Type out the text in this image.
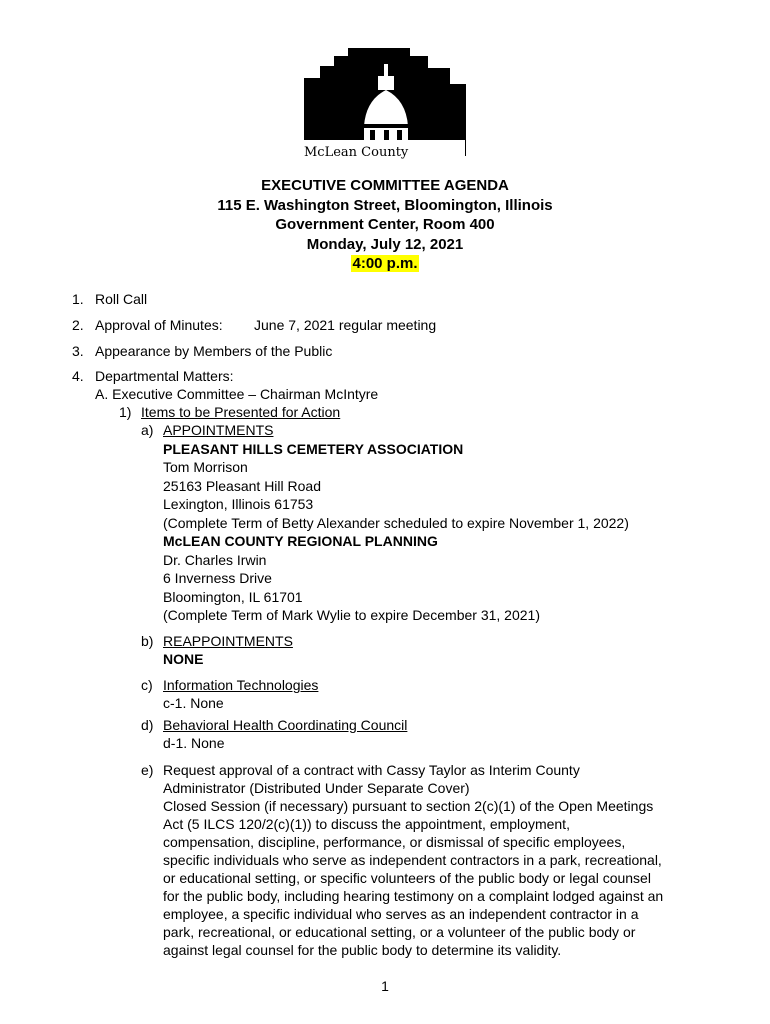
McLean County
EXECUTIVE COMMITTEE AGENDA
115 E. Washington Street, Bloomington, Illinois
Government Center, Room 400
Monday, July 12, 2021
4:00 p.m.
1. Roll Call
2. Approval of Minutes: June 7, 2021 regular meeting
3. Appearance by Members of the Public
4. Departmental Matters:
A. Executive Committee – Chairman McIntyre
1) Items to be Presented for Action
a) APPOINTMENTS
PLEASANT HILLS CEMETERY ASSOCIATION
Tom Morrison
25163 Pleasant Hill Road
Lexington, Illinois 61753
(Complete Term of Betty Alexander scheduled to expire November 1, 2022)
McLEAN COUNTY REGIONAL PLANNING
Dr. Charles Irwin
6 Inverness Drive
Bloomington, IL 61701
(Complete Term of Mark Wylie to expire December 31, 2021)
b) REAPPOINTMENTS
NONE
c) Information Technologies
c-1. None
d) Behavioral Health Coordinating Council
d-1. None
e) Request approval of a contract with Cassy Taylor as Interim County
Administrator (Distributed Under Separate Cover)
Closed Session (if necessary) pursuant to section 2(c)(1) of the Open Meetings
Act (5 ILCS 120/2(c)(1)) to discuss the appointment, employment,
compensation, discipline, performance, or dismissal of specific employees,
specific individuals who serve as independent contractors in a park, recreational,
or educational setting, or specific volunteers of the public body or legal counsel
for the public body, including hearing testimony on a complaint lodged against an
employee, a specific individual who serves as an independent contractor in a
park, recreational, or educational setting, or a volunteer of the public body or
against legal counsel for the public body to determine its validity.
1
